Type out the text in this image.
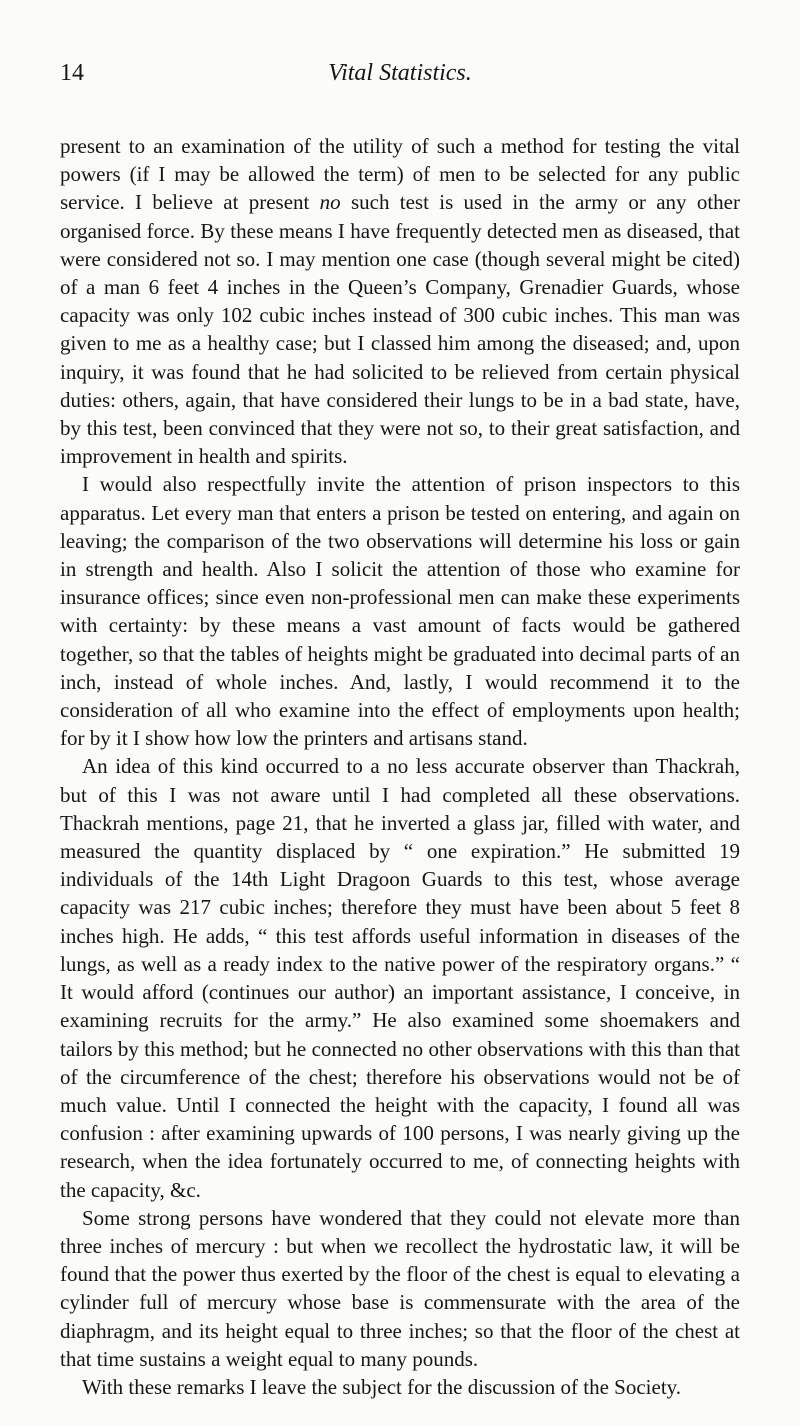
14	Vital Statistics.

present to an examination of the utility of such a method for testing the vital powers (if I may be allowed the term) of men to be selected for any public service. I believe at present no such test is used in the army or any other organised force. By these means I have frequently detected men as diseased, that were considered not so. I may mention one case (though several might be cited) of a man 6 feet 4 inches in the Queen’s Company, Grenadier Guards, whose capacity was only 102 cubic inches instead of 300 cubic inches. This man was given to me as a healthy case; but I classed him among the diseased; and, upon inquiry, it was found that he had solicited to be relieved from certain physical duties: others, again, that have considered their lungs to be in a bad state, have, by this test, been convinced that they were not so, to their great satisfaction, and improvement in health and spirits.

I would also respectfully invite the attention of prison inspectors to this apparatus. Let every man that enters a prison be tested on entering, and again on leaving; the comparison of the two observations will determine his loss or gain in strength and health. Also I solicit the attention of those who examine for insurance offices; since even non-professional men can make these experiments with certainty: by these means a vast amount of facts would be gathered together, so that the tables of heights might be graduated into decimal parts of an inch, instead of whole inches. And, lastly, I would recommend it to the consideration of all who examine into the effect of employments upon health; for by it I show how low the printers and artisans stand.

An idea of this kind occurred to a no less accurate observer than Thackrah, but of this I was not aware until I had completed all these observations. Thackrah mentions, page 21, that he inverted a glass jar, filled with water, and measured the quantity displaced by “ one expiration.” He submitted 19 individuals of the 14th Light Dragoon Guards to this test, whose average capacity was 217 cubic inches; therefore they must have been about 5 feet 8 inches high. He adds, “ this test affords useful information in diseases of the lungs, as well as a ready index to the native power of the respiratory organs.” “ It would afford (continues our author) an important assistance, I conceive, in examining recruits for the army.” He also examined some shoemakers and tailors by this method; but he connected no other observations with this than that of the circumference of the chest; therefore his observations would not be of much value. Until I connected the height with the capacity, I found all was confusion : after examining upwards of 100 persons, I was nearly giving up the research, when the idea fortunately occurred to me, of connecting heights with the capacity, &c.

Some strong persons have wondered that they could not elevate more than three inches of mercury : but when we recollect the hydrostatic law, it will be found that the power thus exerted by the floor of the chest is equal to elevating a cylinder full of mercury whose base is commensurate with the area of the diaphragm, and its height equal to three inches; so that the floor of the chest at that time sustains a weight equal to many pounds.

With these remarks I leave the subject for the discussion of the Society.
